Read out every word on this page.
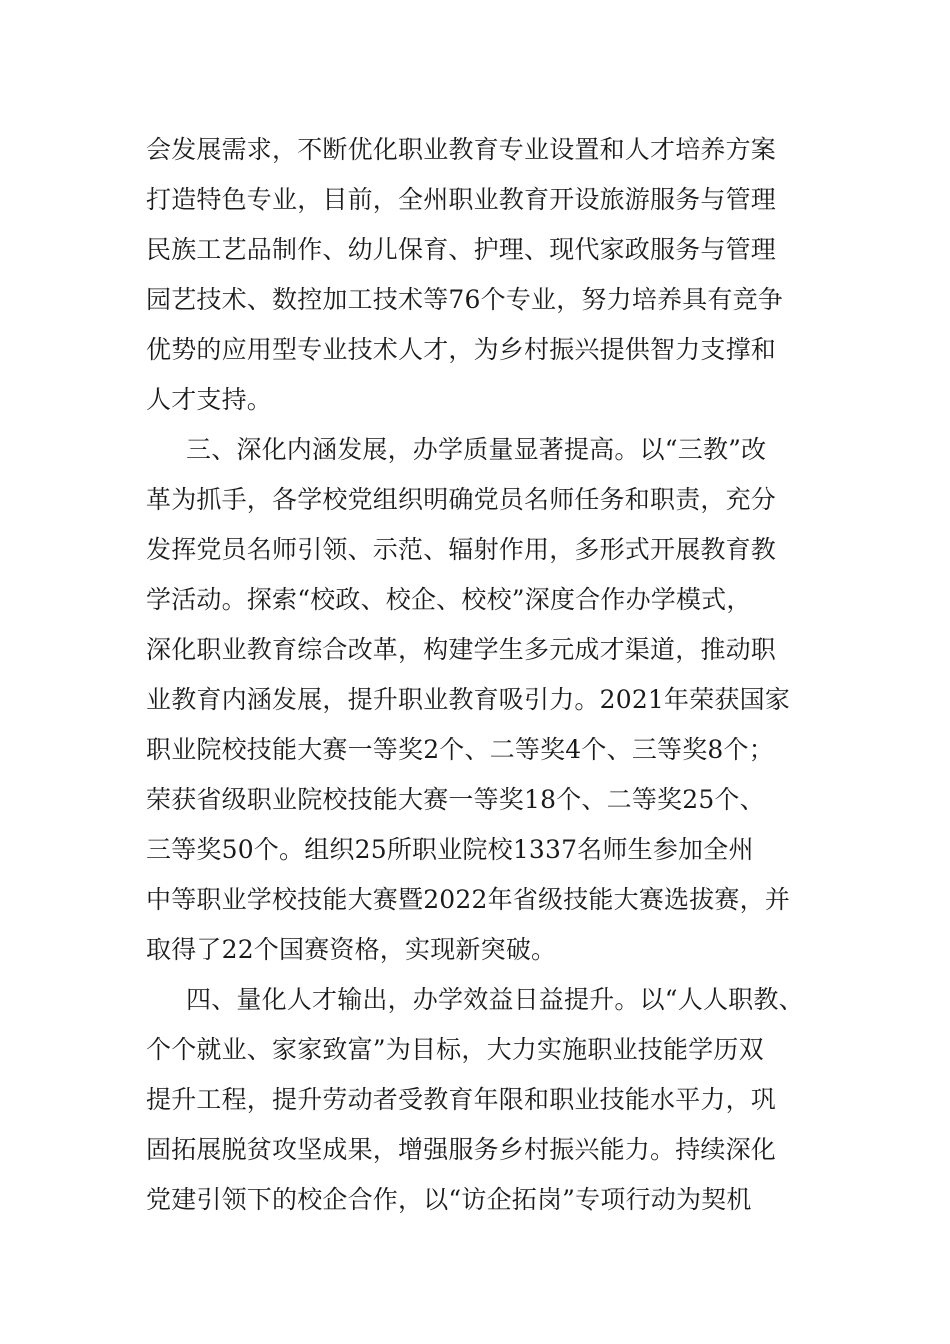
会发展需求，不断优化职业教育专业设置和人才培养方案
打造特色专业，目前，全州职业教育开设旅游服务与管理
民族工艺品制作、幼儿保育、护理、现代家政服务与管理
园艺技术、数控加工技术等76个专业，努力培养具有竞争
优势的应用型专业技术人才，为乡村振兴提供智力支撑和
人才支持。
三、深化内涵发展，办学质量显著提高。以“三教”改
革为抓手，各学校党组织明确党员名师任务和职责，充分
发挥党员名师引领、示范、辐射作用，多形式开展教育教
学活动。探索“校政、校企、校校”深度合作办学模式，
深化职业教育综合改革，构建学生多元成才渠道，推动职
业教育内涵发展，提升职业教育吸引力。2021年荣获国家
职业院校技能大赛一等奖2个、二等奖4个、三等奖8个；
荣获省级职业院校技能大赛一等奖18个、二等奖25个、
三等奖50个。组织25所职业院校1337名师生参加全州
中等职业学校技能大赛暨2022年省级技能大赛选拔赛，并
取得了22个国赛资格，实现新突破。
四、量化人才输出，办学效益日益提升。以“人人职教、
个个就业、家家致富”为目标，大力实施职业技能学历双
提升工程，提升劳动者受教育年限和职业技能水平力，巩
固拓展脱贫攻坚成果，增强服务乡村振兴能力。持续深化
党建引领下的校企合作，以“访企拓岗”专项行动为契机
